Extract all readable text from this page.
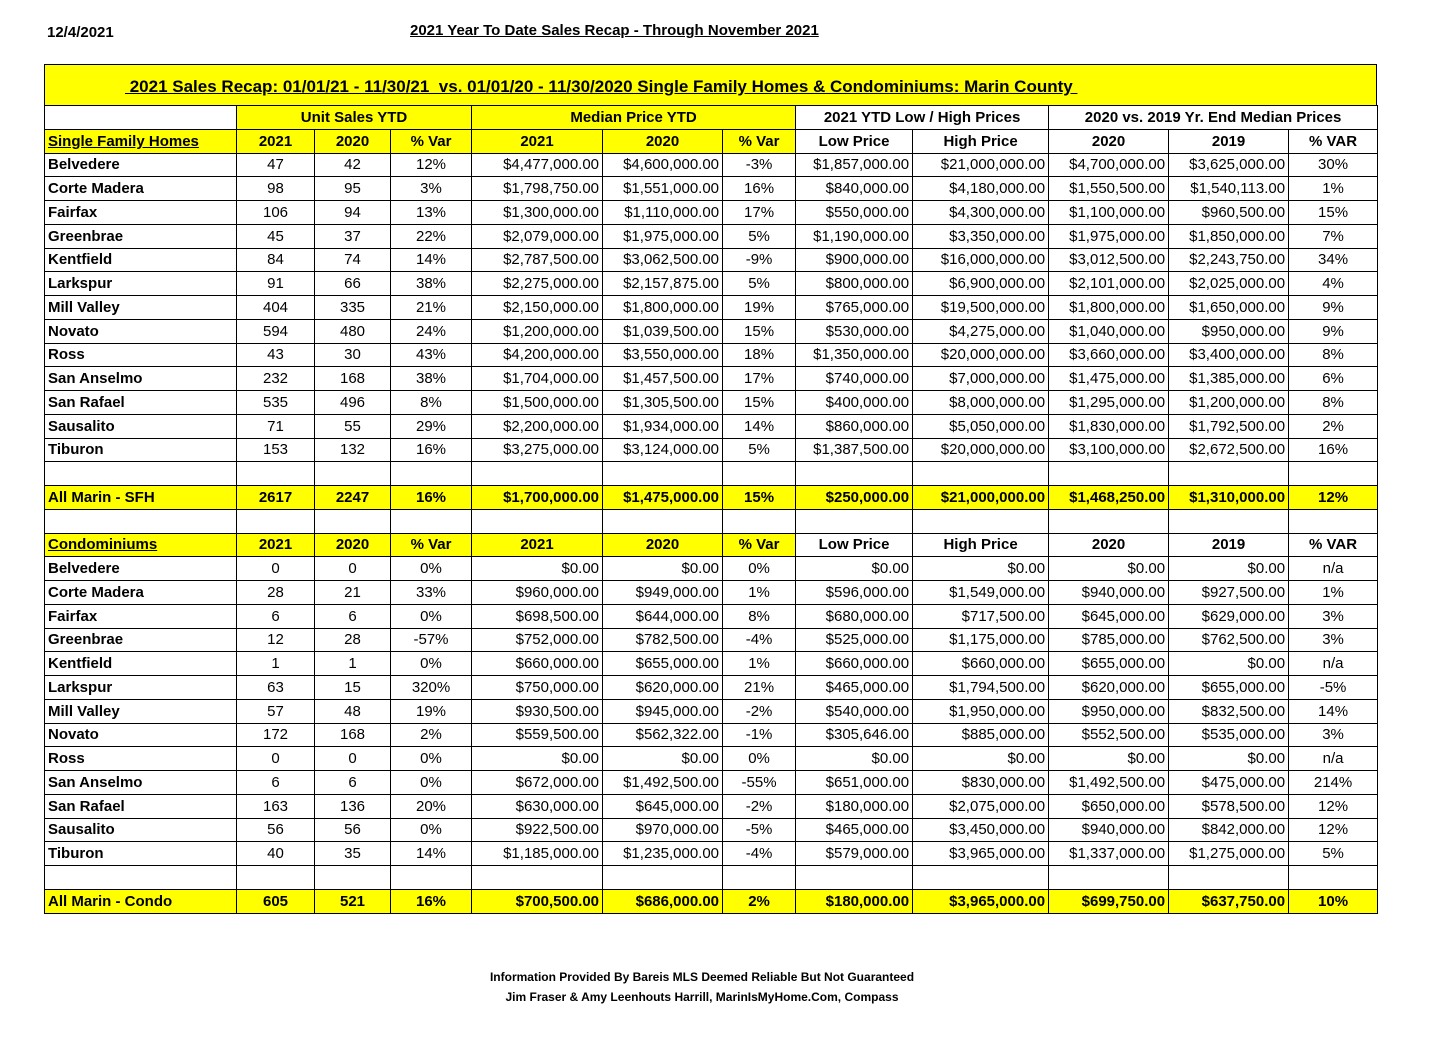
12/4/2021	2021 Year To Date Sales Recap - Through November 2021
2021 Sales Recap: 01/01/21 - 11/30/21  vs. 01/01/20 - 11/30/2020 Single Family Homes & Condominiums: Marin County
	Unit Sales YTD			Median Price YTD			2021 YTD Low / High Prices		2020 vs. 2019 Yr. End Median Prices		
Single Family Homes	2021	2020	% Var	2021	2020	% Var	Low Price	High Price	2020	2019	% VAR
Belvedere	47	42	12%	$4,477,000.00	$4,600,000.00	-3%	$1,857,000.00	$21,000,000.00	$4,700,000.00	$3,625,000.00	30%
Corte Madera	98	95	3%	$1,798,750.00	$1,551,000.00	16%	$840,000.00	$4,180,000.00	$1,550,500.00	$1,540,113.00	1%
Fairfax	106	94	13%	$1,300,000.00	$1,110,000.00	17%	$550,000.00	$4,300,000.00	$1,100,000.00	$960,500.00	15%
Greenbrae	45	37	22%	$2,079,000.00	$1,975,000.00	5%	$1,190,000.00	$3,350,000.00	$1,975,000.00	$1,850,000.00	7%
Kentfield	84	74	14%	$2,787,500.00	$3,062,500.00	-9%	$900,000.00	$16,000,000.00	$3,012,500.00	$2,243,750.00	34%
Larkspur	91	66	38%	$2,275,000.00	$2,157,875.00	5%	$800,000.00	$6,900,000.00	$2,101,000.00	$2,025,000.00	4%
Mill Valley	404	335	21%	$2,150,000.00	$1,800,000.00	19%	$765,000.00	$19,500,000.00	$1,800,000.00	$1,650,000.00	9%
Novato	594	480	24%	$1,200,000.00	$1,039,500.00	15%	$530,000.00	$4,275,000.00	$1,040,000.00	$950,000.00	9%
Ross	43	30	43%	$4,200,000.00	$3,550,000.00	18%	$1,350,000.00	$20,000,000.00	$3,660,000.00	$3,400,000.00	8%
San Anselmo	232	168	38%	$1,704,000.00	$1,457,500.00	17%	$740,000.00	$7,000,000.00	$1,475,000.00	$1,385,000.00	6%
San Rafael	535	496	8%	$1,500,000.00	$1,305,500.00	15%	$400,000.00	$8,000,000.00	$1,295,000.00	$1,200,000.00	8%
Sausalito	71	55	29%	$2,200,000.00	$1,934,000.00	14%	$860,000.00	$5,050,000.00	$1,830,000.00	$1,792,500.00	2%
Tiburon	153	132	16%	$3,275,000.00	$3,124,000.00	5%	$1,387,500.00	$20,000,000.00	$3,100,000.00	$2,672,500.00	16%

All Marin - SFH	2617	2247	16%	$1,700,000.00	$1,475,000.00	15%	$250,000.00	$21,000,000.00	$1,468,250.00	$1,310,000.00	12%

Condominiums	2021	2020	% Var	2021	2020	% Var	Low Price	High Price	2020	2019	% VAR
Belvedere	0	0	0%	$0.00	$0.00	0%	$0.00	$0.00	$0.00	$0.00	n/a
Corte Madera	28	21	33%	$960,000.00	$949,000.00	1%	$596,000.00	$1,549,000.00	$940,000.00	$927,500.00	1%
Fairfax	6	6	0%	$698,500.00	$644,000.00	8%	$680,000.00	$717,500.00	$645,000.00	$629,000.00	3%
Greenbrae	12	28	-57%	$752,000.00	$782,500.00	-4%	$525,000.00	$1,175,000.00	$785,000.00	$762,500.00	3%
Kentfield	1	1	0%	$660,000.00	$655,000.00	1%	$660,000.00	$660,000.00	$655,000.00	$0.00	n/a
Larkspur	63	15	320%	$750,000.00	$620,000.00	21%	$465,000.00	$1,794,500.00	$620,000.00	$655,000.00	-5%
Mill Valley	57	48	19%	$930,500.00	$945,000.00	-2%	$540,000.00	$1,950,000.00	$950,000.00	$832,500.00	14%
Novato	172	168	2%	$559,500.00	$562,322.00	-1%	$305,646.00	$885,000.00	$552,500.00	$535,000.00	3%
Ross	0	0	0%	$0.00	$0.00	0%	$0.00	$0.00	$0.00	$0.00	n/a
San Anselmo	6	6	0%	$672,000.00	$1,492,500.00	-55%	$651,000.00	$830,000.00	$1,492,500.00	$475,000.00	214%
San Rafael	163	136	20%	$630,000.00	$645,000.00	-2%	$180,000.00	$2,075,000.00	$650,000.00	$578,500.00	12%
Sausalito	56	56	0%	$922,500.00	$970,000.00	-5%	$465,000.00	$3,450,000.00	$940,000.00	$842,000.00	12%
Tiburon	40	35	14%	$1,185,000.00	$1,235,000.00	-4%	$579,000.00	$3,965,000.00	$1,337,000.00	$1,275,000.00	5%

All Marin - Condo	605	521	16%	$700,500.00	$686,000.00	2%	$180,000.00	$3,965,000.00	$699,750.00	$637,750.00	10%
Information Provided By Bareis MLS Deemed Reliable But Not Guaranteed
Jim Fraser & Amy Leenhouts Harrill, MarinIsMyHome.Com, Compass
